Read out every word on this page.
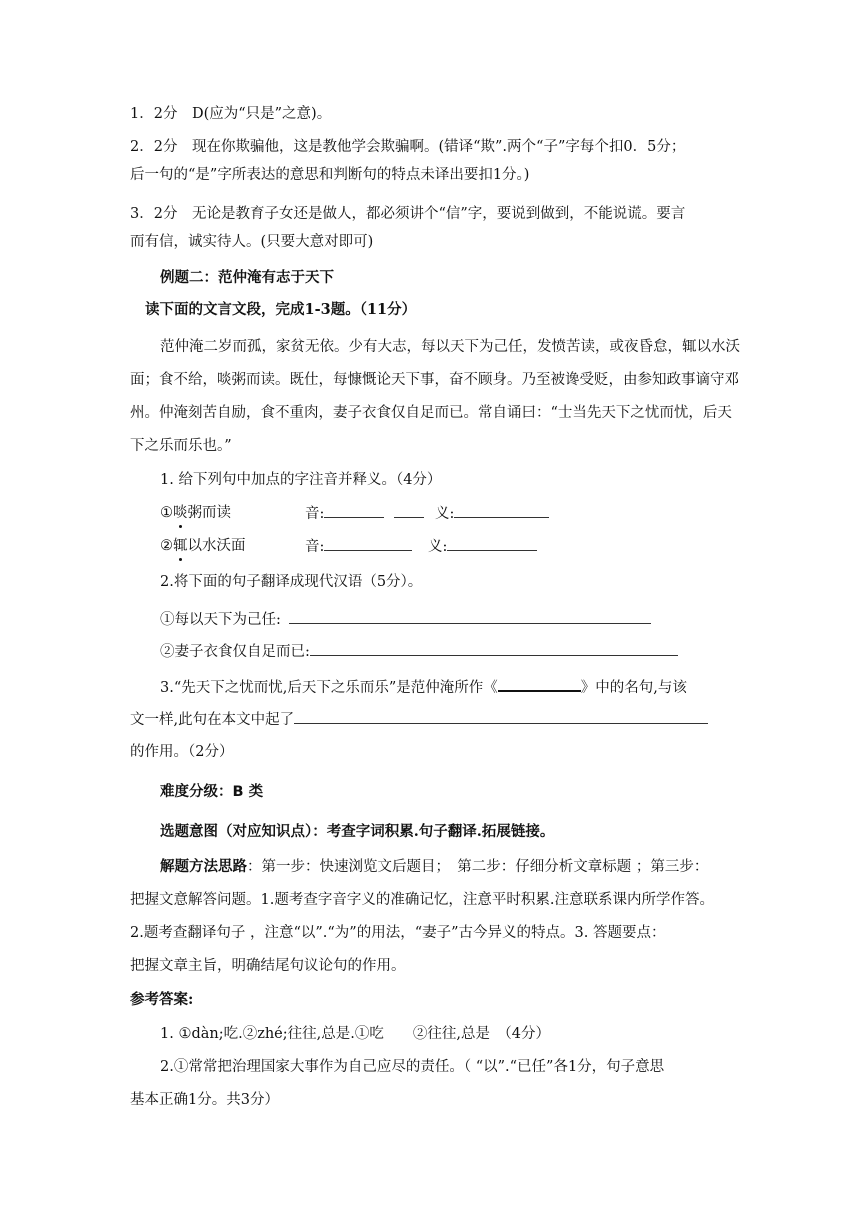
1．2分　D(应为“只是”之意)。
2．2分　现在你欺骗他，这是教他学会欺骗啊。(错译“欺”.两个“子”字每个扣0．5分；
后一句的“是”字所表达的意思和判断句的特点未译出要扣1分。)
3．2分　无论是教育子女还是做人，都必须讲个“信”字，要说到做到，不能说谎。要言
而有信，诚实待人。(只要大意对即可)
例题二：范仲淹有志于天下
读下面的文言文段，完成1-3题。（11分）
范仲淹二岁而孤，家贫无依。少有大志，每以天下为己任，发愤苦读，或夜昏怠，辄以水沃
面；食不给，啖粥而读。既仕，每慷慨论天下事，奋不顾身。乃至被谗受贬，由参知政事谪守邓
州。仲淹刻苦自励，食不重肉，妻子衣食仅自足而已。常自诵曰：“士当先天下之忧而忧，后天
下之乐而乐也。”
1. 给下列句中加点的字注音并释义。（4分）
①啖粥而读	音:	义:
②辄以水沃面	音:	义:
2.将下面的句子翻译成现代汉语（5分）。
①每以天下为己任:
②妻子衣食仅自足而已:
3.“先天下之忧而忧,后天下之乐而乐”是范仲淹所作《	》中的名句,与该
文一样,此句在本文中起了
的作用。（2分）
难度分级：B 类
选题意图（对应知识点）：考查字词积累.句子翻译.拓展链接。
解题方法思路：第一步：快速浏览文后题目；　第二步：仔细分析文章标题 ；第三步：
把握文意解答问题。1.题考查字音字义的准确记忆，注意平时积累.注意联系课内所学作答。
2.题考查翻译句子 ，注意“以”.“为”的用法，“妻子”古今异义的特点。3. 答题要点：
把握文章主旨，明确结尾句议论句的作用。
参考答案:
1. ①dàn;吃.②zhé;往往,总是.①吃　　②往往,总是　（4分）
2.①常常把治理国家大事作为自己应尽的责任。（ “以”.“已任”各1分，句子意思
基本正确1分。共3分）
